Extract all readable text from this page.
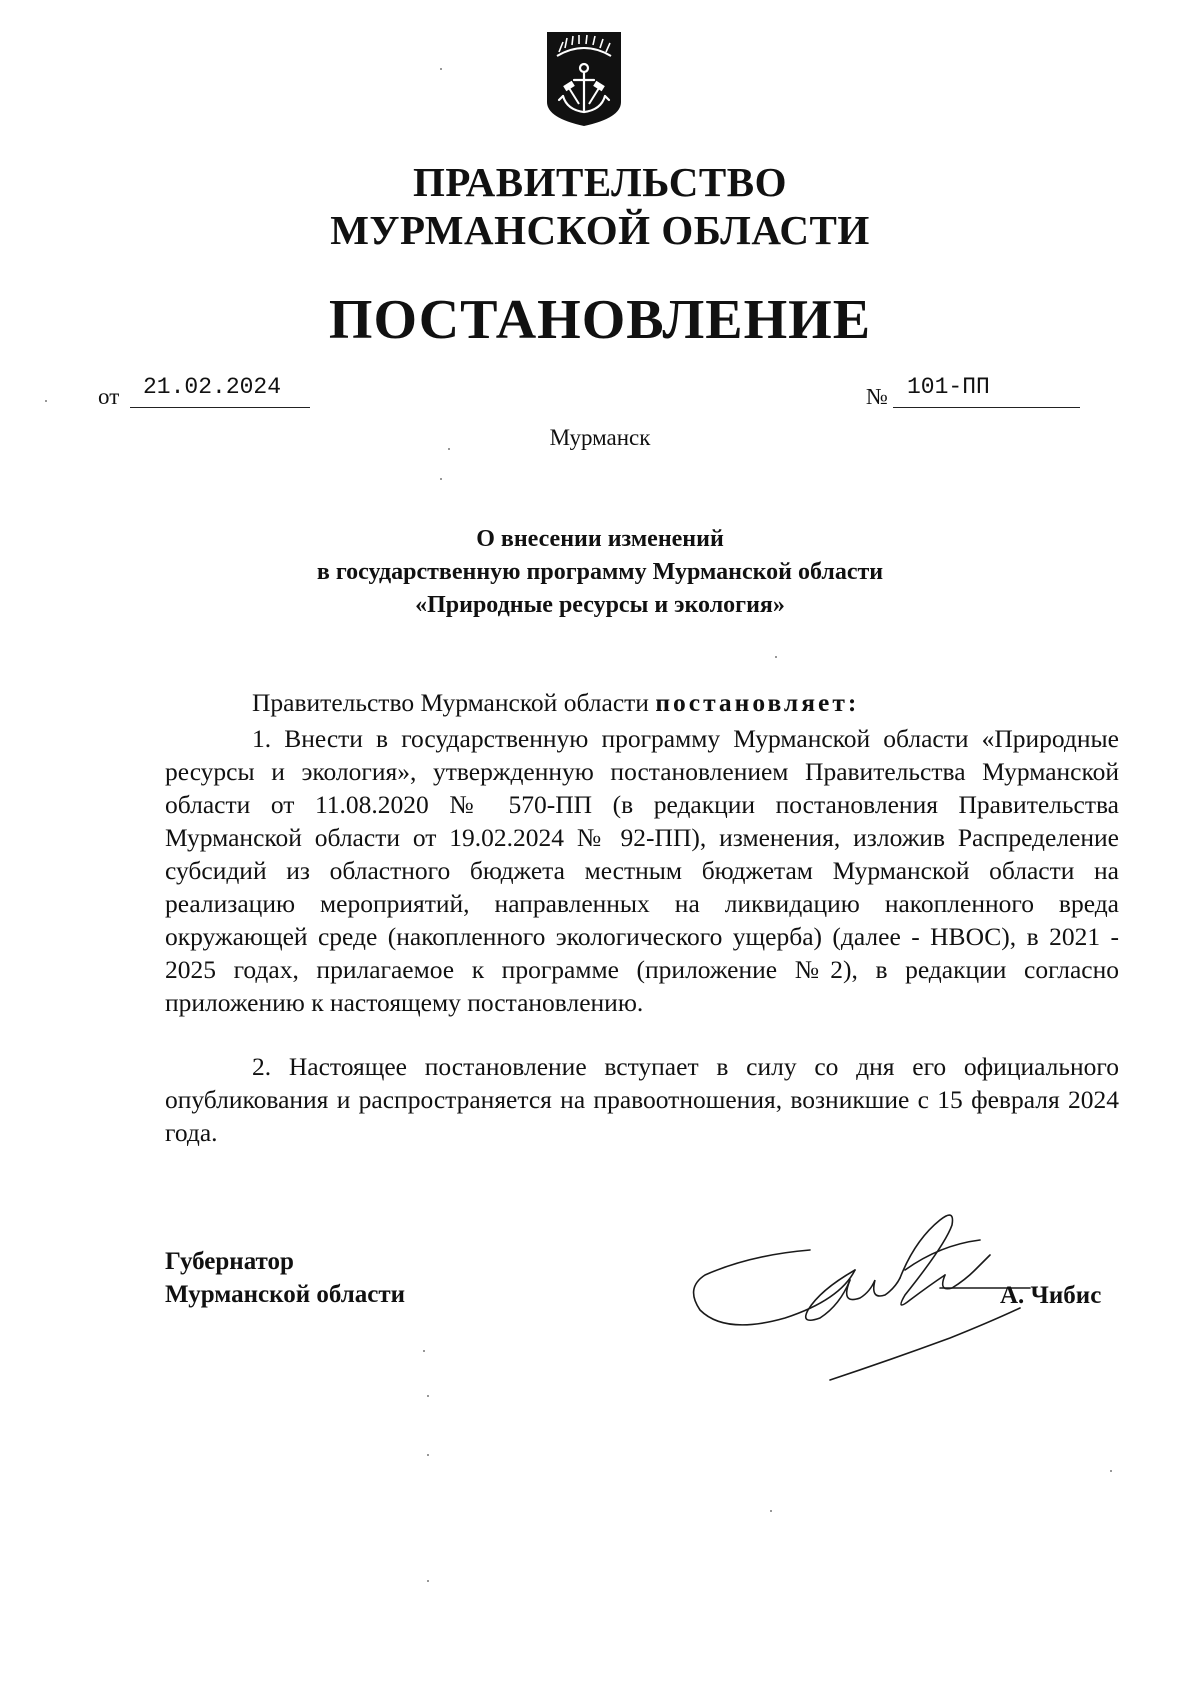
ПРАВИТЕЛЬСТВО
МУРМАНСКОЙ ОБЛАСТИ
ПОСТАНОВЛЕНИЕ
от 21.02.2024	№ 101-ПП
Мурманск
О внесении изменений
в государственную программу Мурманской области
«Природные ресурсы и экология»
Правительство Мурманской области постановляет:
1. Внести в государственную программу Мурманской области «Природные ресурсы и экология», утвержденную постановлением Правительства Мурманской области от 11.08.2020 № 570-ПП (в редакции постановления Правительства Мурманской области от 19.02.2024 № 92-ПП), изменения, изложив Распределение субсидий из областного бюджета местным бюджетам Мурманской области на реализацию мероприятий, направленных на ликвидацию накопленного вреда окружающей среде (накопленного экологического ущерба) (далее - НВОС), в 2021 - 2025 годах, прилагаемое к программе (приложение №2), в редакции согласно приложению к настоящему постановлению.
2. Настоящее постановление вступает в силу со дня его официального опубликования и распространяется на правоотношения, возникшие с 15 февраля 2024 года.
Губернатор
Мурманской области	А. Чибис
